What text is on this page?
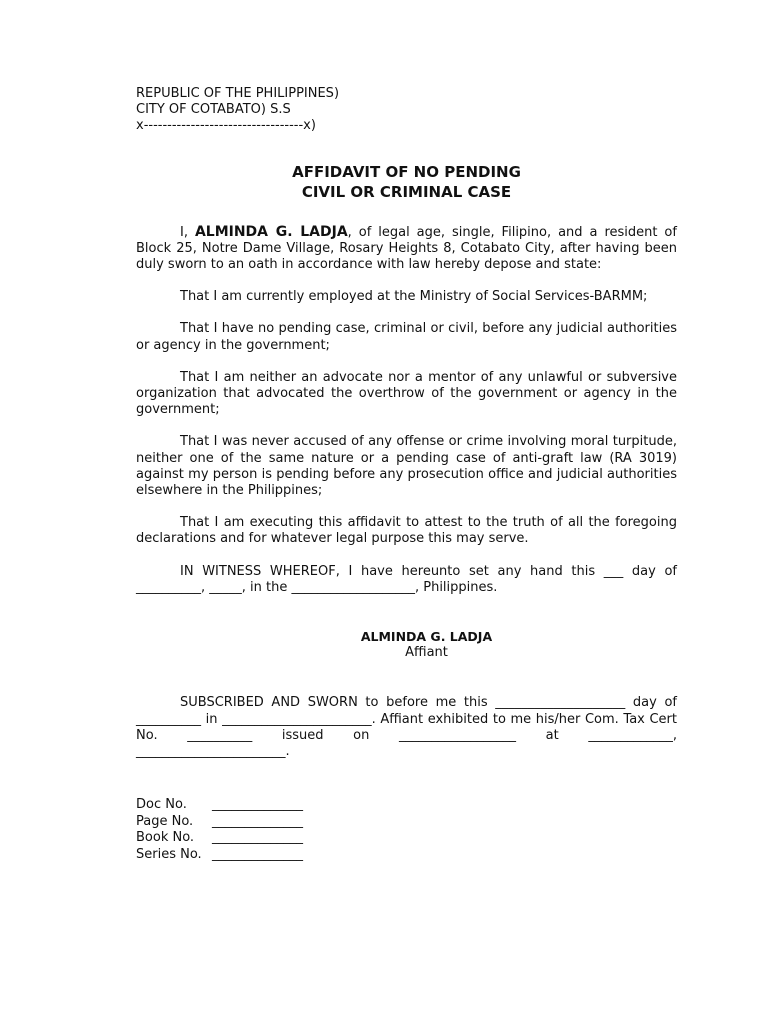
REPUBLIC OF THE PHILIPPINES)

CITY OF COTABATO) S.S

x----------------------------------x)

AFFIDAVIT OF NO PENDING
CIVIL OR CRIMINAL CASE

I, ALMINDA G. LADJA, of legal age, single, Filipino, and a resident of Block 25, Notre Dame Village, Rosary Heights 8, Cotabato City, after having been duly sworn to an oath in accordance with law hereby depose and state:

That I am currently employed at the Ministry of Social Services-BARMM;

That I have no pending case, criminal or civil, before any judicial authorities or agency in the government;

That I am neither an advocate nor a mentor of any unlawful or subversive organization that advocated the overthrow of the government or agency in the government;

That I was never accused of any offense or crime involving moral turpitude, neither one of the same nature or a pending case of anti-graft law (RA 3019) against my person is pending before any prosecution office and judicial authorities elsewhere in the Philippines;

That I am executing this affidavit to attest to the truth of all the foregoing declarations and for whatever legal purpose this may serve.

IN WITNESS WHEREOF, I have hereunto set any hand this ___ day of __________, _____, in the ___________________, Philippines.

ALMINDA G. LADJA
Affiant

SUBSCRIBED AND SWORN to before me this ____________________ day of __________ in _______________________. Affiant exhibited to me his/her Com. Tax Cert No. __________ issued on __________________ at _____________, _______________________.

Doc No.	______________
Page No.	______________
Book No.	______________
Series No. ______________
